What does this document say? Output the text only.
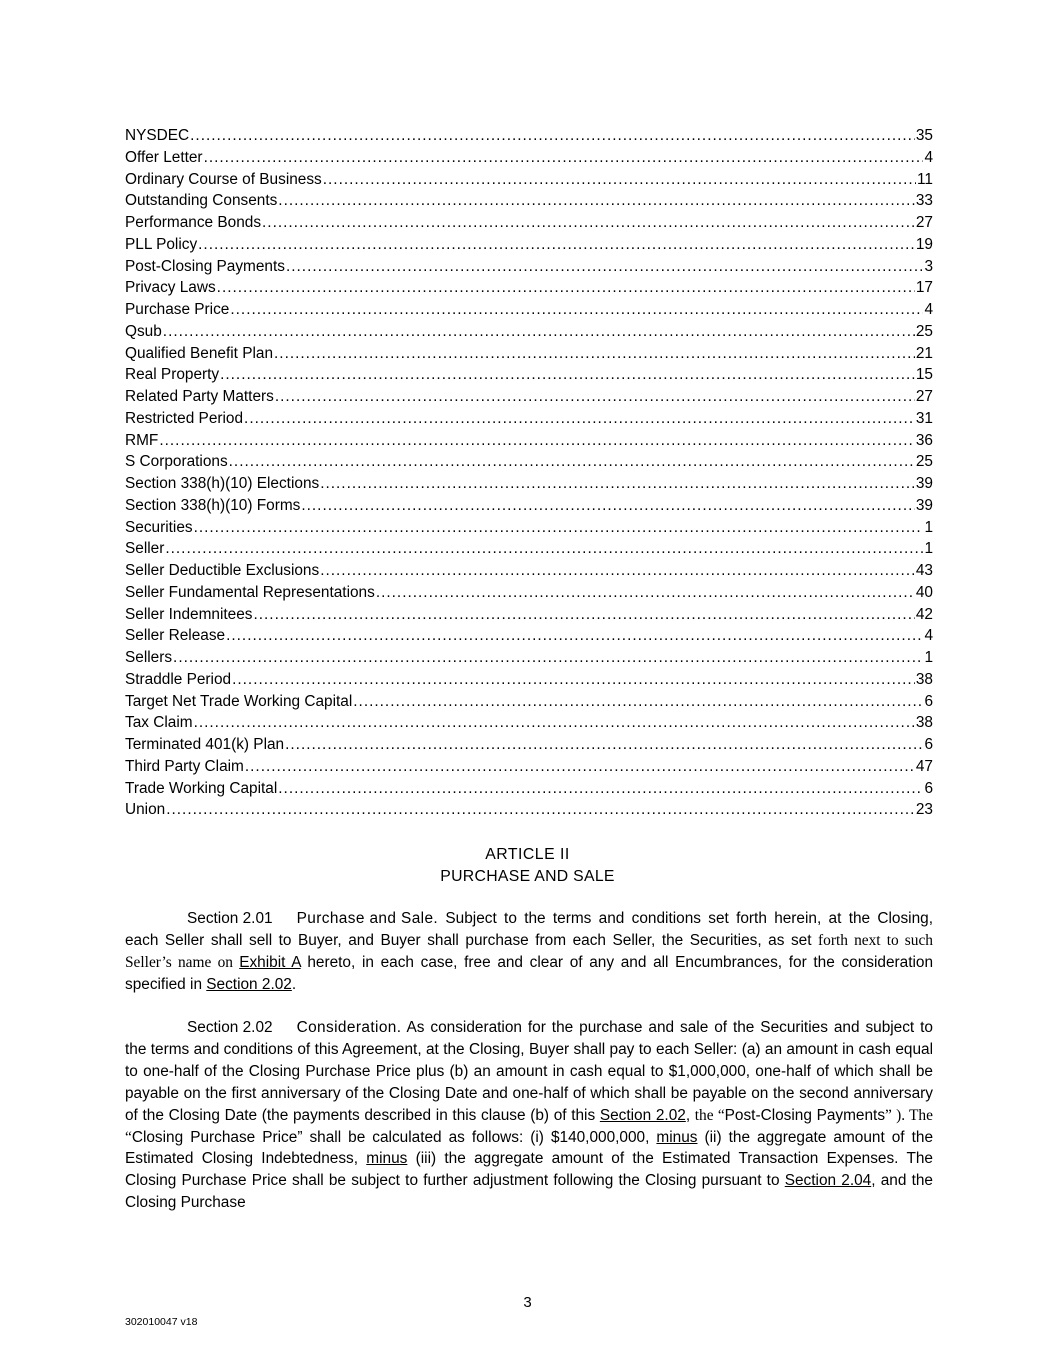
NYSDEC .....	35
Offer Letter .....	4
Ordinary Course of Business .....	11
Outstanding Consents .....	33
Performance Bonds .....	27
PLL Policy .....	19
Post-Closing Payments .....	3
Privacy Laws .....	17
Purchase Price .....	4
Qsub .....	25
Qualified Benefit Plan .....	21
Real Property .....	15
Related Party Matters .....	27
Restricted Period .....	31
RMF .....	36
S Corporations .....	25
Section 338(h)(10) Elections .....	39
Section 338(h)(10) Forms .....	39
Securities .....	1
Seller .....	1
Seller Deductible Exclusions .....	43
Seller Fundamental Representations .....	40
Seller Indemnitees .....	42
Seller Release .....	4
Sellers .....	1
Straddle Period .....	38
Target Net Trade Working Capital .....	6
Tax Claim .....	38
Terminated 401(k) Plan .....	6
Third Party Claim .....	47
Trade Working Capital .....	6
Union .....	23
ARTICLE II
PURCHASE AND SALE

Section 2.01 Purchase and Sale. Subject to the terms and conditions set forth herein, at the Closing, each Seller shall sell to Buyer, and Buyer shall purchase from each Seller, the Securities, as set forth next to such Seller’s name on Exhibit A hereto, in each case, free and clear of any and all Encumbrances, for the consideration specified in Section 2.02.

Section 2.02 Consideration. As consideration for the purchase and sale of the Securities and subject to the terms and conditions of this Agreement, at the Closing, Buyer shall pay to each Seller: (a) an amount in cash equal to one-half of the Closing Purchase Price plus (b) an amount in cash equal to $1,000,000, one-half of which shall be payable on the first anniversary of the Closing Date and one-half of which shall be payable on the second anniversary of the Closing Date (the payments described in this clause (b) of this Section 2.02, the “Post-Closing Payments” ). The “Closing Purchase Price” shall be calculated as follows: (i) $140,000,000, minus (ii) the aggregate amount of the Estimated Closing Indebtedness, minus (iii) the aggregate amount of the Estimated Transaction Expenses. The Closing Purchase Price shall be subject to further adjustment following the Closing pursuant to Section 2.04, and the Closing Purchase

3
302010047 v18
